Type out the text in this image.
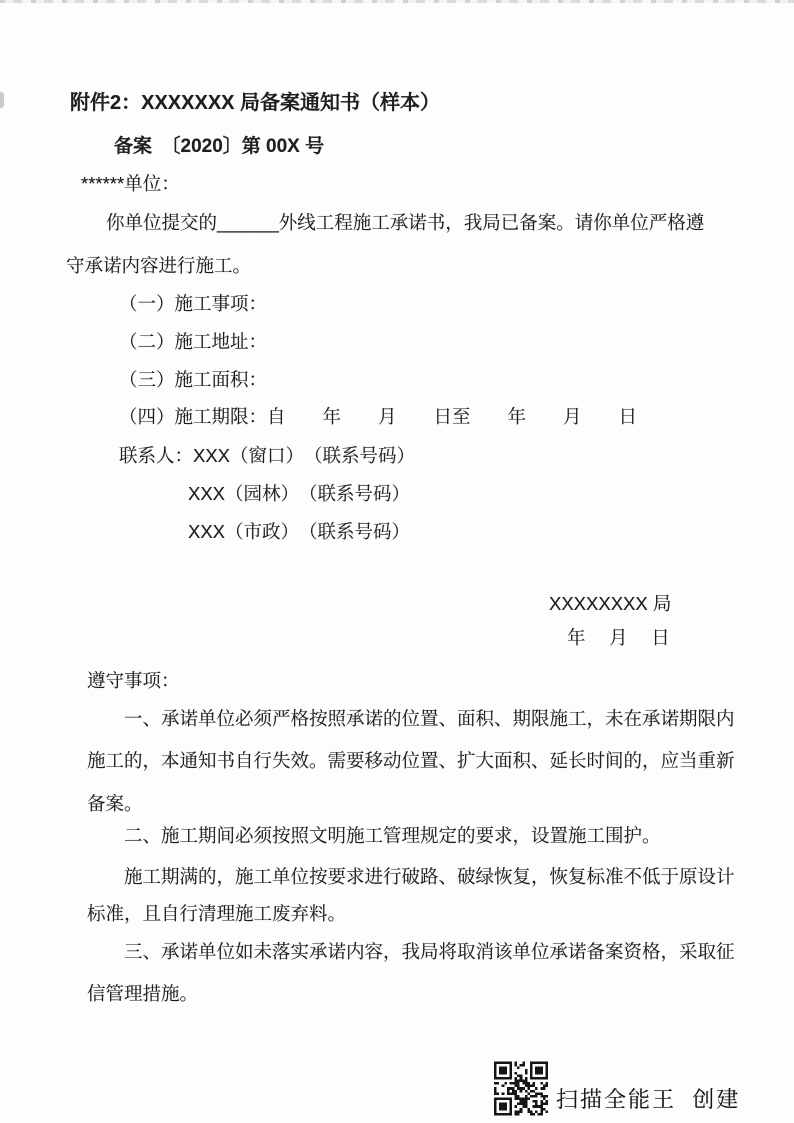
附件2：XXXXXXX 局备案通知书（样本）
备案　〔2020〕第 00X 号
******单位：
你单位提交的______外线工程施工承诺书，我局已备案。请你单位严格遵
守承诺内容进行施工。
（一）施工事项：
（二）施工地址：
（三）施工面积：
（四）施工期限：自　　年　　月　　日至　　年　　月　　日
联系人：XXX（窗口）　（联系号码）
XXX（园林）　（联系号码）
XXX（市政）　（联系号码）
XXXXXXXX 局
年　 月　 日
遵守事项：
一、承诺单位必须严格按照承诺的位置、面积、期限施工，未在承诺期限内
施工的，本通知书自行失效。需要移动位置、扩大面积、延长时间的，应当重新
备案。
二、施工期间必须按照文明施工管理规定的要求，设置施工围护。
施工期满的，施工单位按要求进行破路、破绿恢复，恢复标准不低于原设计
标准，且自行清理施工废弃料。
三、承诺单位如未落实承诺内容，我局将取消该单位承诺备案资格，采取征
信管理措施。
扫描全能王  创建
